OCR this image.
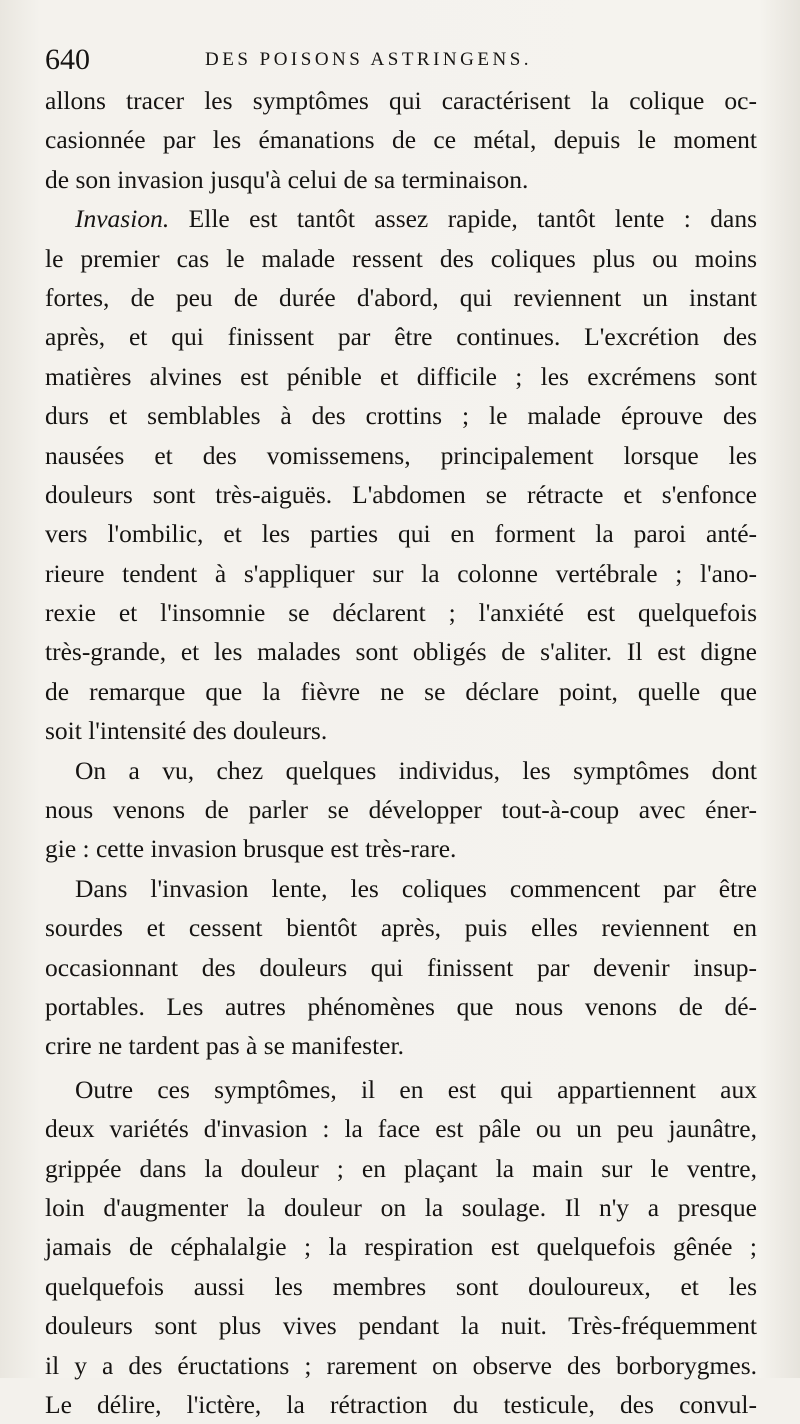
640	DES POISONS ASTRINGENS.
allons tracer les symptômes qui caractérisent la colique oc-
casionnée par les émanations de ce métal, depuis le moment
de son invasion jusqu'à celui de sa terminaison.
Invasion. Elle est tantôt assez rapide, tantôt lente : dans
le premier cas le malade ressent des coliques plus ou moins
fortes, de peu de durée d'abord, qui reviennent un instant
après, et qui finissent par être continues. L'excrétion des
matières alvines est pénible et difficile ; les excrémens sont
durs et semblables à des crottins ; le malade éprouve des
nausées et des vomissemens, principalement lorsque les
douleurs sont très-aiguës. L'abdomen se rétracte et s'enfonce
vers l'ombilic, et les parties qui en forment la paroi anté-
rieure tendent à s'appliquer sur la colonne vertébrale ; l'ano-
rexie et l'insomnie se déclarent ; l'anxiété est quelquefois
très-grande, et les malades sont obligés de s'aliter. Il est digne
de remarque que la fièvre ne se déclare point, quelle que
soit l'intensité des douleurs.
On a vu, chez quelques individus, les symptômes dont
nous venons de parler se développer tout-à-coup avec éner-
gie : cette invasion brusque est très-rare.
Dans l'invasion lente, les coliques commencent par être
sourdes et cessent bientôt après, puis elles reviennent en
occasionnant des douleurs qui finissent par devenir insup-
portables. Les autres phénomènes que nous venons de dé-
crire ne tardent pas à se manifester.
Outre ces symptômes, il en est qui appartiennent aux
deux variétés d'invasion : la face est pâle ou un peu jaunâtre,
grippée dans la douleur ; en plaçant la main sur le ventre,
loin d'augmenter la douleur on la soulage. Il n'y a presque
jamais de céphalalgie ; la respiration est quelquefois gênée ;
quelquefois aussi les membres sont douloureux, et les
douleurs sont plus vives pendant la nuit. Très-fréquemment
il y a des éructations ; rarement on observe des borborygmes.
Le délire, l'ictère, la rétraction du testicule, des convul-
